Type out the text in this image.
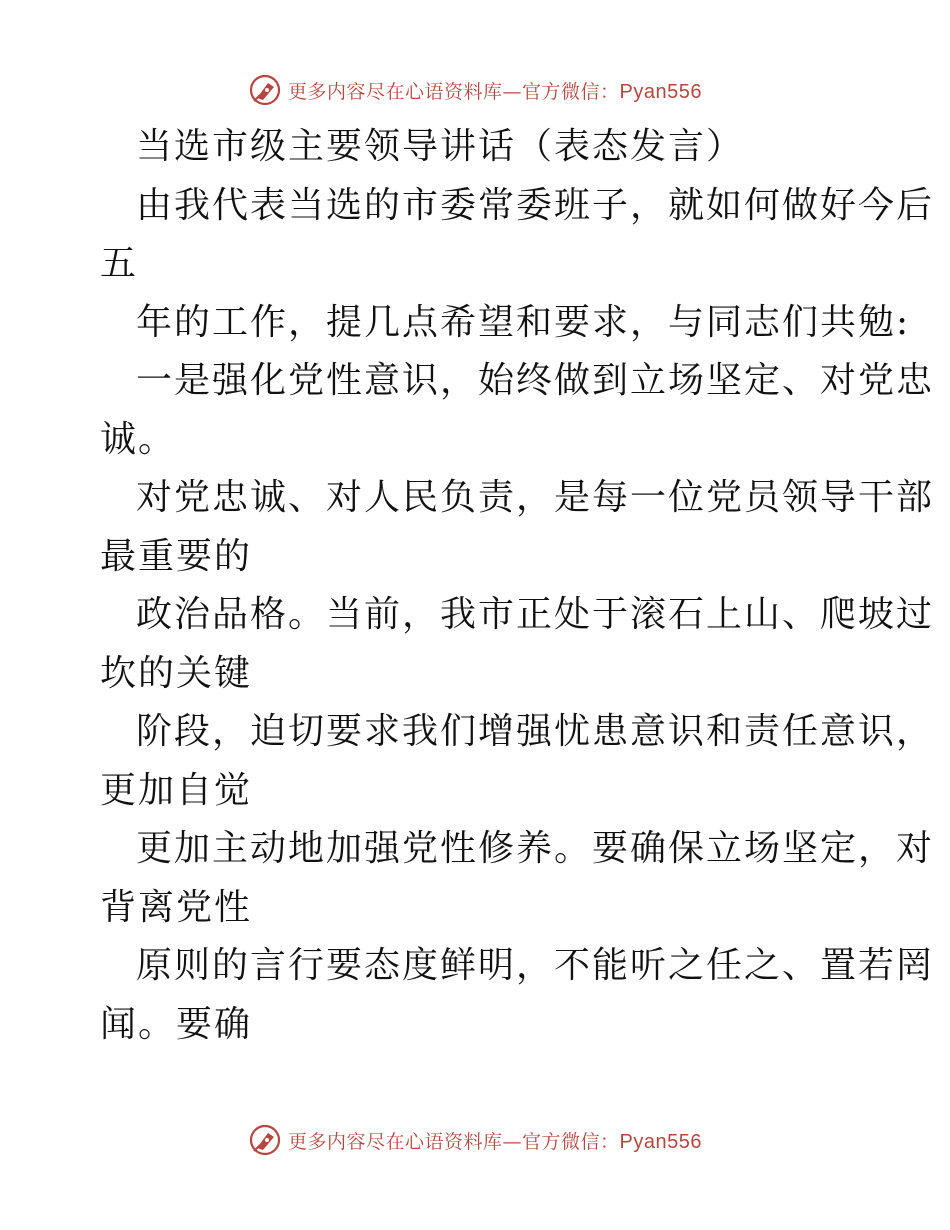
更多内容尽在心语资料库—官方微信：Pyan556
当选市级主要领导讲话（表态发言）
由我代表当选的市委常委班子，就如何做好今后
五
年的工作，提几点希望和要求，与同志们共勉:
一是强化党性意识，始终做到立场坚定、对党忠
诚。
对党忠诚、对人民负责，是每一位党员领导干部
最重要的
政治品格。当前，我市正处于滚石上山、爬坡过
坎的关键
阶段，迫切要求我们增强忧患意识和责任意识，
更加自觉
更加主动地加强党性修养。要确保立场坚定，对
背离党性
原则的言行要态度鲜明，不能听之任之、置若罔
闻。要确
更多内容尽在心语资料库—官方微信：Pyan556
